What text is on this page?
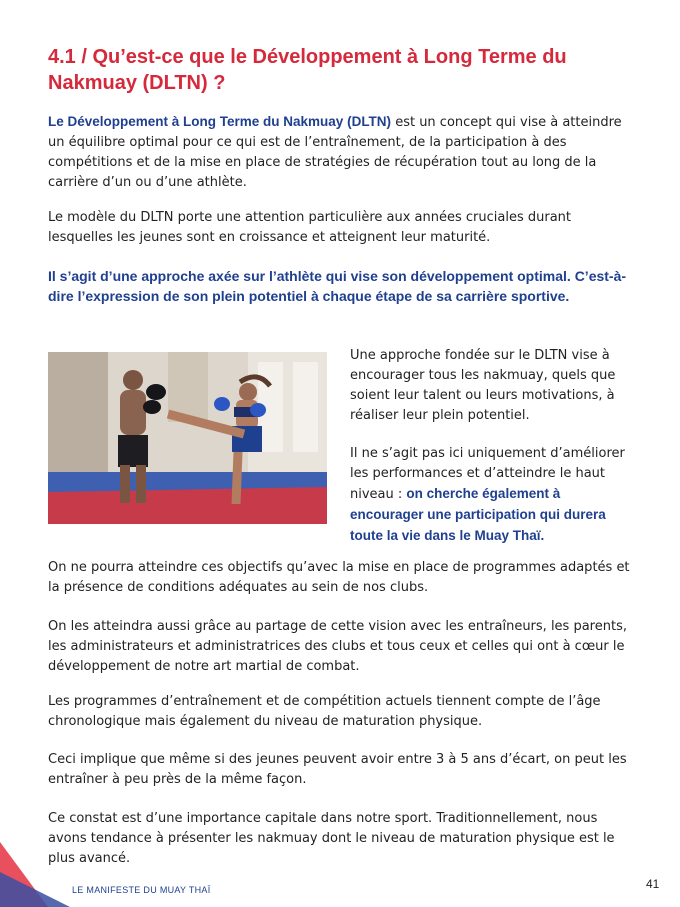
4.1 / Qu’est-ce que le Développement à Long Terme du
Nakmuay (DLTN) ?

Le Développement à Long Terme du Nakmuay (DLTN) est un concept qui vise à atteindre un équilibre optimal pour ce qui est de l’entraînement, de la participation à des compétitions et de la mise en place de stratégies de récupération tout au long de la carrière d’un ou d’une athlète.

Le modèle du DLTN porte une attention particulière aux années cruciales durant lesquelles les jeunes sont en croissance et atteignent leur maturité.

Il s’agit d’une approche axée sur l’athlète qui vise son développement optimal. C’est-à-dire l’expression de son plein potentiel à chaque étape de sa carrière sportive.

Une approche fondée sur le DLTN vise à encourager tous les nakmuay, quels que soient leur talent ou leurs motivations, à réaliser leur plein potentiel.

Il ne s’agit pas ici uniquement d’améliorer les performances et d’atteindre le haut niveau : on cherche également à encourager une participation qui durera toute la vie dans le Muay Thaï.

On ne pourra atteindre ces objectifs qu’avec la mise en place de programmes adaptés et la présence de conditions adéquates au sein de nos clubs.

On les atteindra aussi grâce au partage de cette vision avec les entraîneurs, les parents, les administrateurs et administratrices des clubs et tous ceux et celles qui ont à cœur le développement de notre art martial de combat.

Les programmes d’entraînement et de compétition actuels tiennent compte de l’âge chronologique mais également du niveau de maturation physique.

Ceci implique que même si des jeunes peuvent avoir entre 3 à 5 ans d’écart, on peut les entraîner à peu près de la même façon.

Ce constat est d’une importance capitale dans notre sport. Traditionnellement, nous avons tendance à présenter les nakmuay dont le niveau de maturation physique est le plus avancé.

LE MANIFESTE DU MUAY THAÏ	41
